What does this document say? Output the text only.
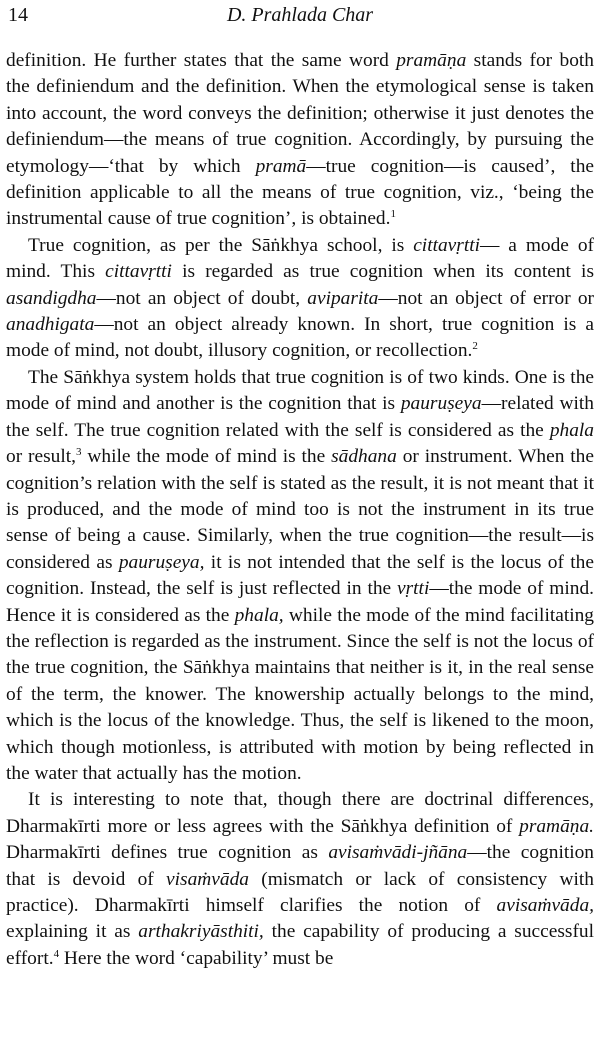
14	D. Prahlada Char

definition. He further states that the same word pramāṇa stands for both the definiendum and the definition. When the etymological sense is taken into account, the word conveys the definition; otherwise it just denotes the definiendum—the means of true cognition. Accordingly, by pursuing the etymology—‘that by which pramā—true cognition—is caused’, the definition applicable to all the means of true cognition, viz., ‘being the instrumental cause of true cognition’, is obtained.$^1$

True cognition, as per the Sāṅkhya school, is cittavṛtti— a mode of mind. This cittavṛtti is regarded as true cognition when its content is asandigdha—not an object of doubt, aviparita—not an object of error or anadhigata—not an object already known. In short, true cognition is a mode of mind, not doubt, illusory cognition, or recollection.$^2$

The Sāṅkhya system holds that true cognition is of two kinds. One is the mode of mind and another is the cognition that is pauruṣeya—related with the self. The true cognition related with the self is considered as the phala or result,$^3$ while the mode of mind is the sādhana or instrument. When the cognition’s relation with the self is stated as the result, it is not meant that it is produced, and the mode of mind too is not the instrument in its true sense of being a cause. Similarly, when the true cognition—the result—is considered as pauruṣeya, it is not intended that the self is the locus of the cognition. Instead, the self is just reflected in the vṛtti—the mode of mind. Hence it is considered as the phala, while the mode of the mind facilitating the reflection is regarded as the instrument. Since the self is not the locus of the true cognition, the Sāṅkhya maintains that neither is it, in the real sense of the term, the knower. The knowership actually belongs to the mind, which is the locus of the knowledge. Thus, the self is likened to the moon, which though motionless, is attributed with motion by being reflected in the water that actually has the motion.

It is interesting to note that, though there are doctrinal differences, Dharmakīrti more or less agrees with the Sāṅkhya definition of pramāṇa. Dharmakīrti defines true cognition as avisaṁvādi-jñāna—the cognition that is devoid of visaṁvāda (mismatch or lack of consistency with practice). Dharmakīrti himself clarifies the notion of avisaṁvāda, explaining it as arthakriyāsthiti, the capability of producing a successful effort.$^4$ Here the word ‘capability’ must be
